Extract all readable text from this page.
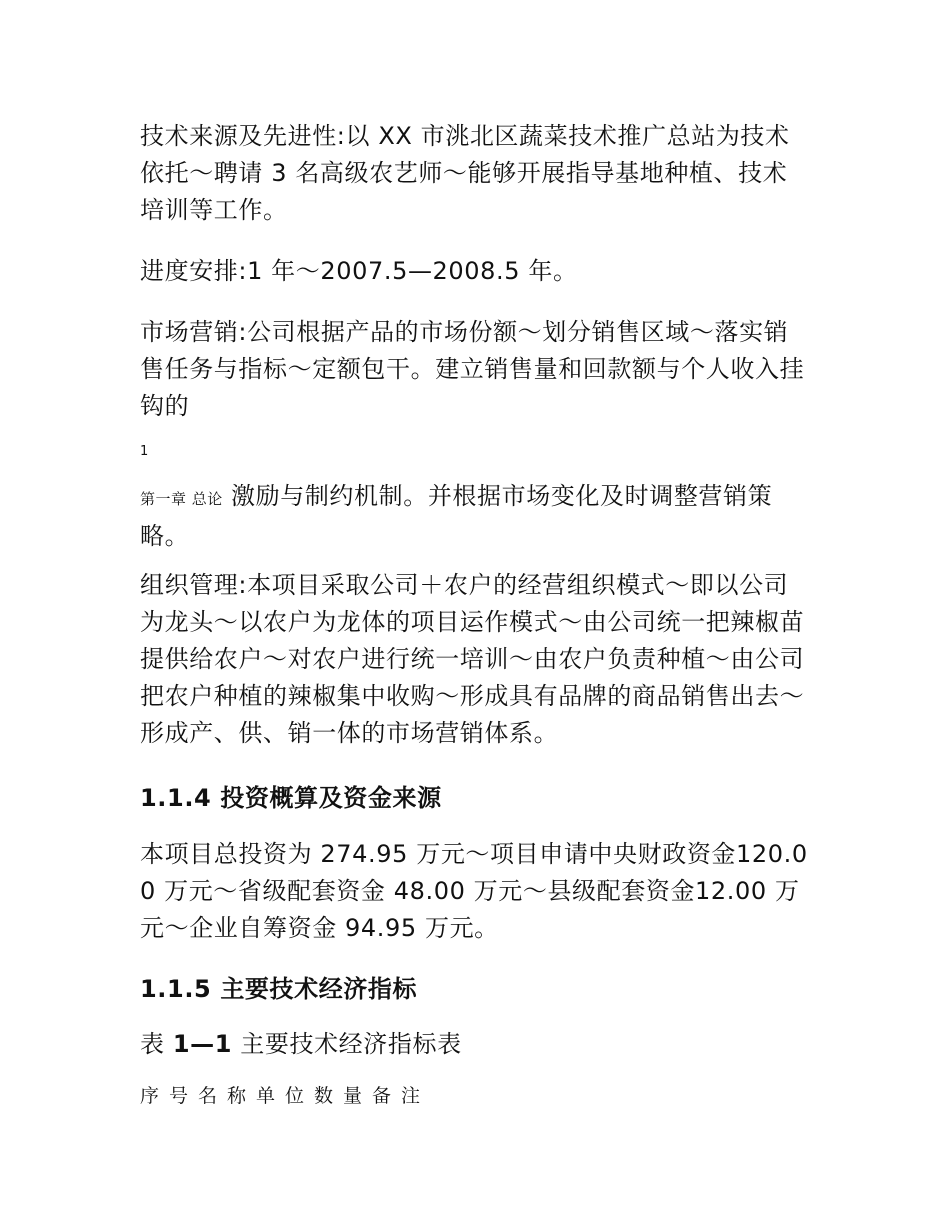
技术来源及先进性:以 XX 市洮北区蔬菜技术推广总站为技术依托～聘请 3 名高级农艺师～能够开展指导基地种植、技术培训等工作。

进度安排:1 年～2007.5—2008.5 年。

市场营销:公司根据产品的市场份额～划分销售区域～落实销售任务与指标～定额包干。建立销售量和回款额与个人收入挂钩的

1

第一章 总论 激励与制约机制。并根据市场变化及时调整营销策略。

组织管理:本项目采取公司＋农户的经营组织模式～即以公司为龙头～以农户为龙体的项目运作模式～由公司统一把辣椒苗提供给农户～对农户进行统一培训～由农户负责种植～由公司把农户种植的辣椒集中收购～形成具有品牌的商品销售出去～形成产、供、销一体的市场营销体系。

1.1.4 投资概算及资金来源

本项目总投资为 274.95 万元～项目申请中央财政资金120.00 万元～省级配套资金 48.00 万元～县级配套资金12.00 万元～企业自筹资金 94.95 万元。

1.1.5 主要技术经济指标

表 1—1 主要技术经济指标表

序号名称单位数量备注
